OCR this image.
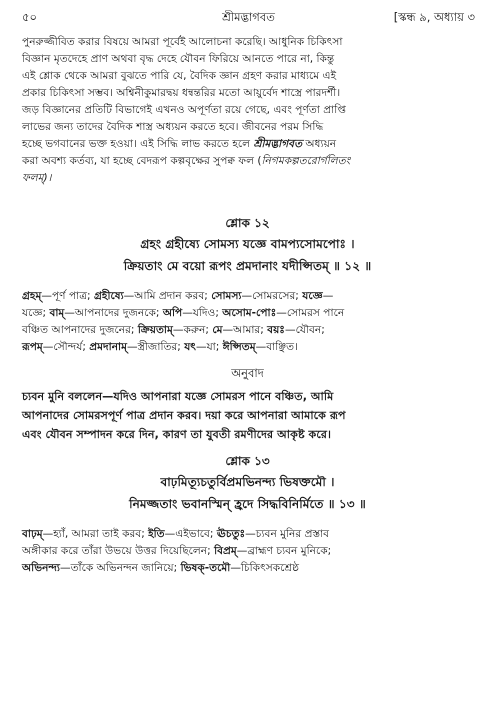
৫০	শ্রীমদ্ভাগবত	[স্কন্ধ ৯, অধ্যায় ৩
পুনরুজ্জীবিত করার বিষয়ে আমরা পূর্বেই আলোচনা করেছি। আধুনিক চিকিৎসা
বিজ্ঞান মৃতদেহে প্রাণ অথবা বৃদ্ধ দেহে যৌবন ফিরিয়ে আনতে পারে না, কিন্তু
এই শ্লোক থেকে আমরা বুঝতে পারি যে, বৈদিক জ্ঞান গ্রহণ করার মাধ্যমে এই
প্রকার চিকিৎসা সম্ভব। অশ্বিনীকুমারদ্বয় ধন্বন্তরির মতো আয়ুর্বেদ শাস্ত্রে পারদর্শী।
জড় বিজ্ঞানের প্রতিটি বিভাগেই এখনও অপূর্ণতা রয়ে গেছে, এবং পূর্ণতা প্রাপ্তি
লাভের জন্য তাদের বৈদিক শাস্ত্র অধ্যয়ন করতে হবে। জীবনের পরম সিদ্ধি
হচ্ছে ভগবানের ভক্ত হওয়া। এই সিদ্ধি লাভ করতে হলে শ্রীমদ্ভাগবত অধ্যয়ন
করা অবশ্য কর্তব্য, যা হচ্ছে বেদরূপ কল্পবৃক্ষের সুপক্ব ফল (নিগমকল্পতরোর্গলিতং
ফলম্)।
শ্লোক ১২
গ্রহং গ্রহীষ্যে সোমস্য যজ্ঞে বামপ্যসোমপোঃ ।
ক্রিয়তাং মে বয়ো রূপং প্রমদানাং যদীপ্সিতম্ ॥ ১২ ॥
গ্রহম্—পূর্ণ পাত্র; গ্রহীষ্যে—আমি প্রদান করব; সোমস্য—সোমরসের; যজ্ঞে—
যজ্ঞে; বাম্—আপনাদের দুজনকে; অপি—যদিও; অসোম-পোঃ—সোমরস পানে
বঞ্চিত আপনাদের দুজনের; ক্রিয়তাম্—করুন; মে—আমার; বয়ঃ—যৌবন;
রূপম্—সৌন্দর্য; প্রমদানাম্—স্ত্রীজাতির; যৎ—যা; ঈপ্সিতম্—বাঞ্ছিত।
অনুবাদ
চ্যবন মুনি বললেন—যদিও আপনারা যজ্ঞে সোমরস পানে বঞ্চিত, আমি
আপনাদের সোমরসপূর্ণ পাত্র প্রদান করব। দয়া করে আপনারা আমাকে রূপ
এবং যৌবন সম্পাদন করে দিন, কারণ তা যুবতী রমণীদের আকৃষ্ট করে।
শ্লোক ১৩
বাঢ়মিত্যূচতুর্বিপ্রমভিনন্দ্য ভিষক্তমৌ ।
নিমজ্জতাং ভবানস্মিন্ হ্রদে সিদ্ধবিনির্মিতে ॥ ১৩ ॥
বাঢ়ম্—হ্যাঁ, আমরা তাই করব; ইতি—এইভাবে; ঊচতুঃ—চ্যবন মুনির প্রস্তাব
অঙ্গীকার করে তাঁরা উভয়ে উত্তর দিয়েছিলেন; বিপ্রম্—ব্রাহ্মণ চ্যবন মুনিকে;
অভিনন্দ্য—তাঁকে অভিনন্দন জানিয়ে; ভিষক্-তমৌ—চিকিৎসকশ্রেষ্ঠ
